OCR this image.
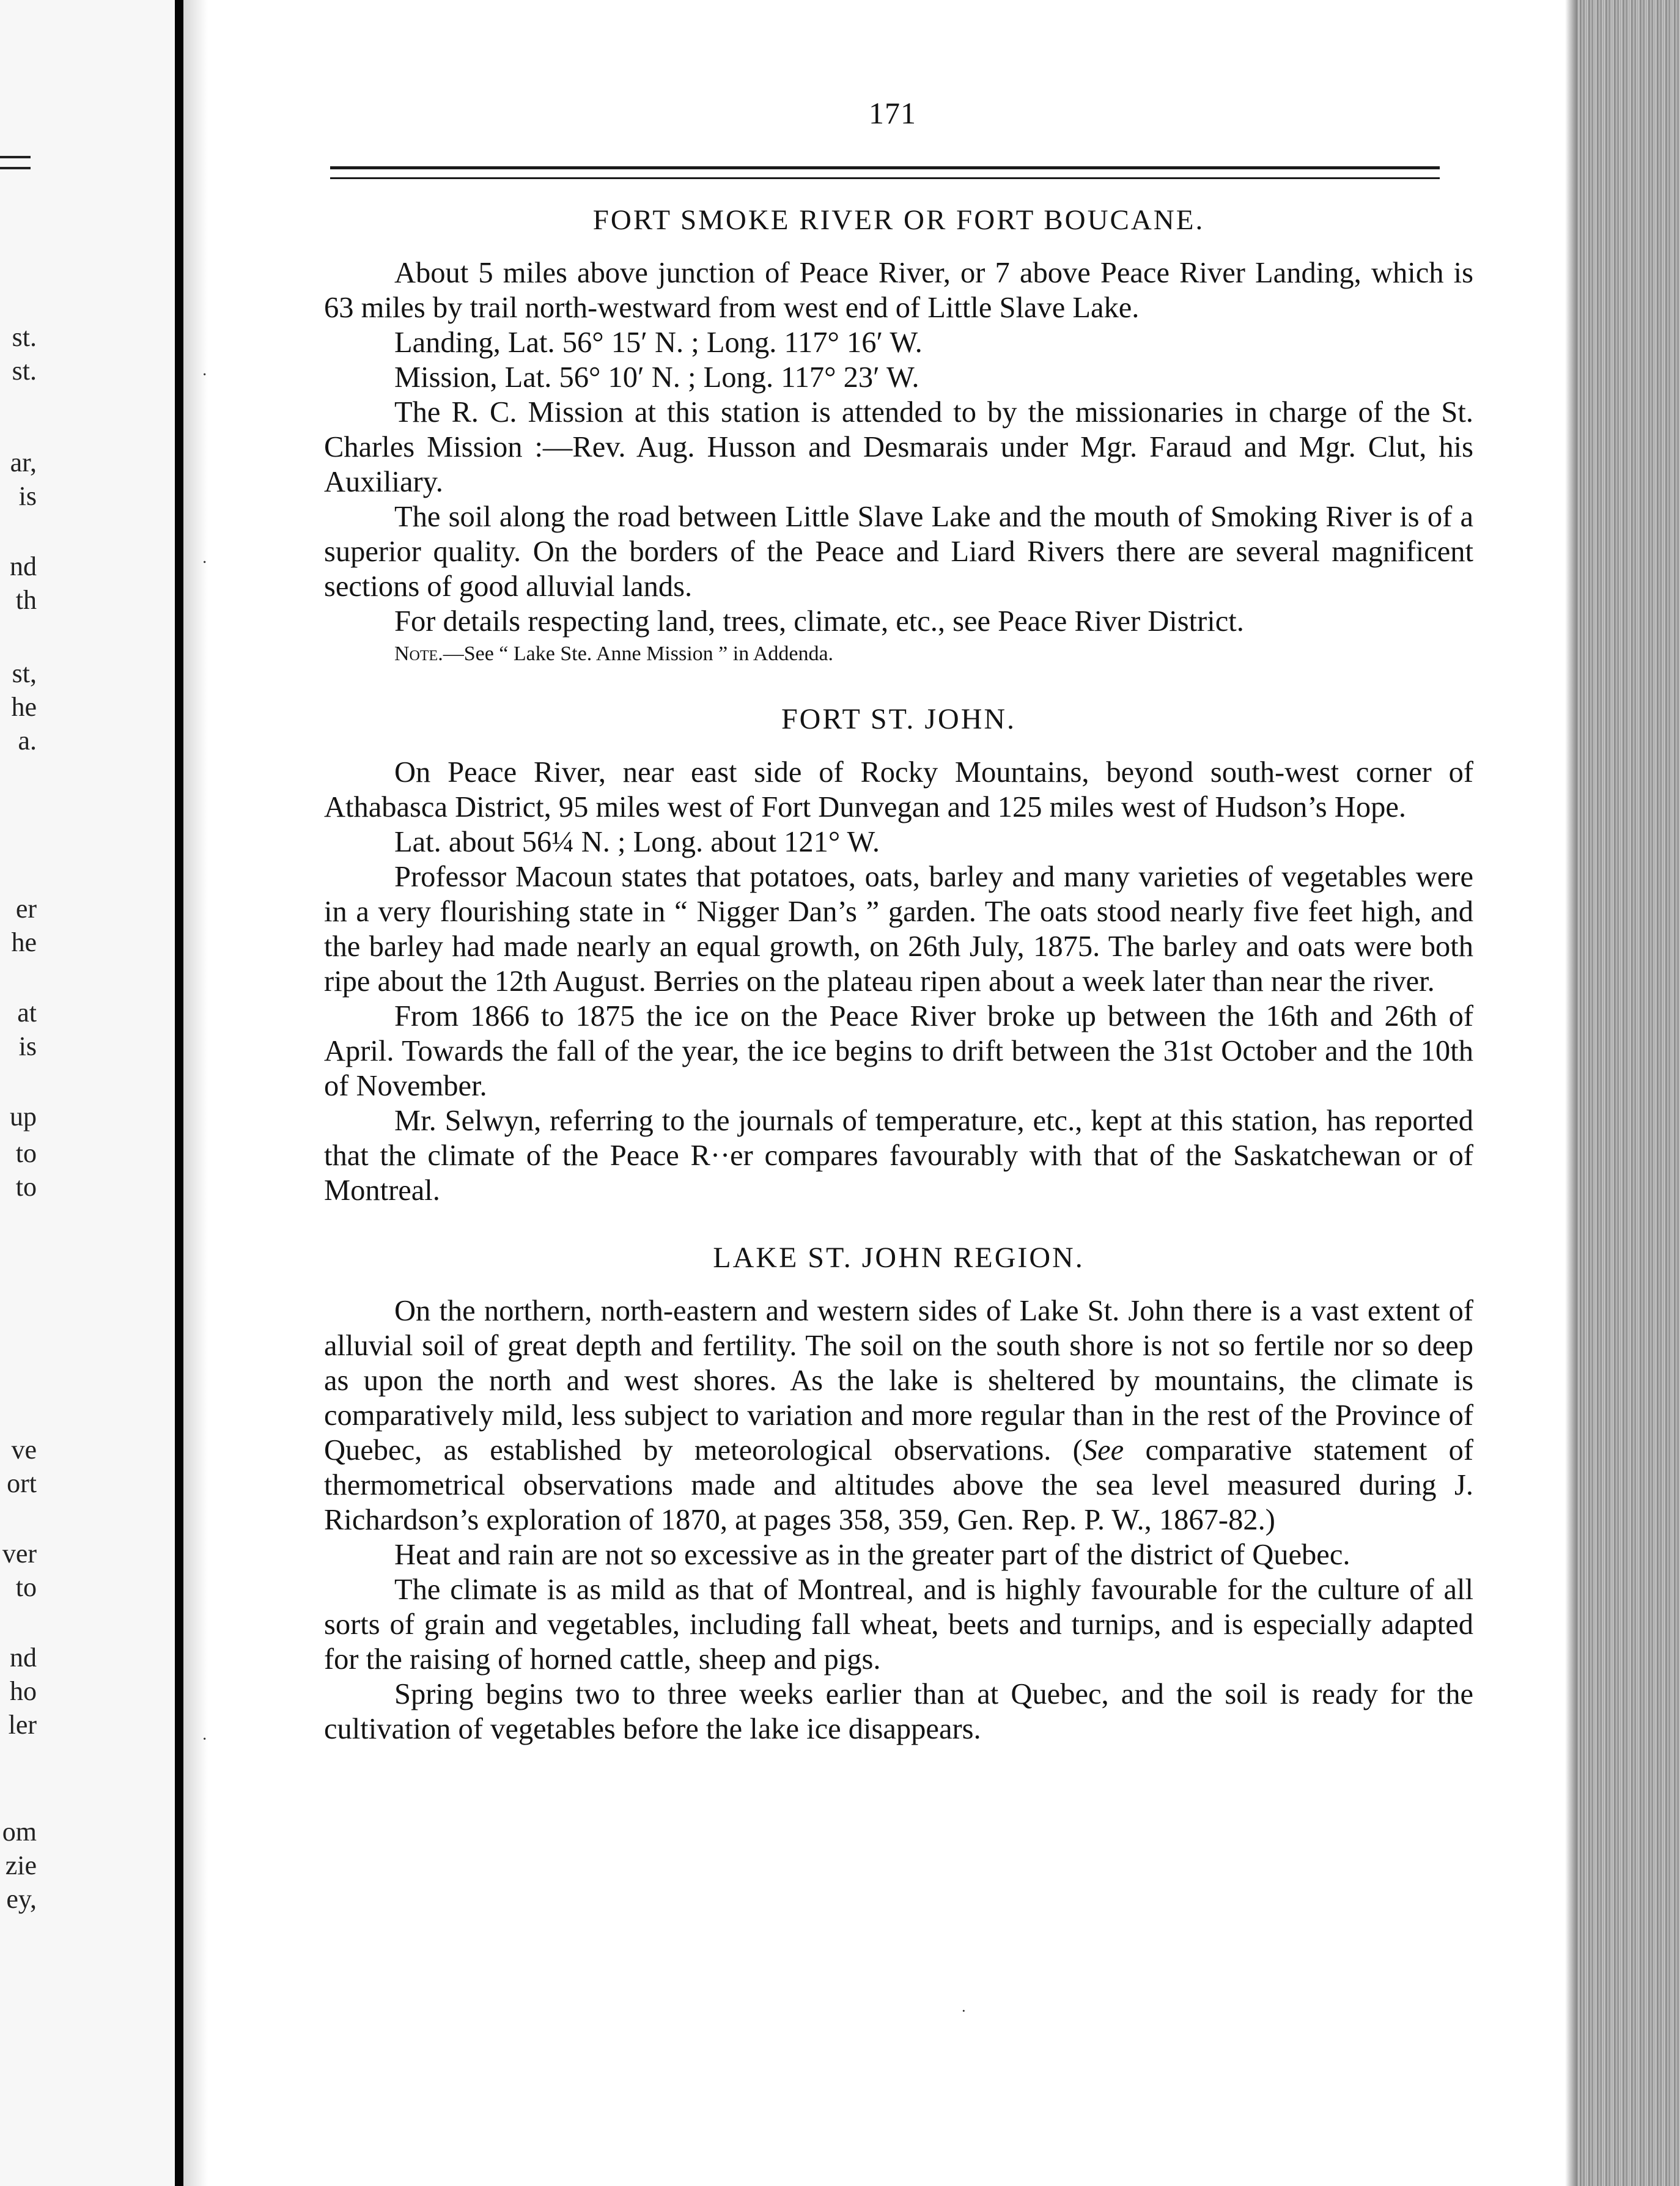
st.
st.
ar,
is
nd
th
st,
he
a.
er
he
at
is
up
to
to
ve
ort
ver
to
nd
ho
ler
om
zie
ey,
·
·
·
·
171
FORT SMOKE RIVER OR FORT BOUCANE.

About 5 miles above junction of Peace River, or 7 above Peace River Landing, which is 63 miles by trail north-westward from west end of Little Slave Lake.

Landing, Lat. 56° 15′ N. ; Long. 117° 16′ W.

Mission, Lat. 56° 10′ N. ; Long. 117° 23′ W.

The R. C. Mission at this station is attended to by the missionaries in charge of the St. Charles Mission :—Rev. Aug. Husson and Desmarais under Mgr. Faraud and Mgr. Clut, his Auxiliary.

The soil along the road between Little Slave Lake and the mouth of Smoking River is of a superior quality. On the borders of the Peace and Liard Rivers there are several magnificent sections of good alluvial lands.

For details respecting land, trees, climate, etc., see Peace River District.

Note.—See “ Lake Ste. Anne Mission ” in Addenda.

FORT ST. JOHN.

On Peace River, near east side of Rocky Mountains, beyond south-west corner of Athabasca District, 95 miles west of Fort Dunvegan and 125 miles west of Hudson’s Hope.

Lat. about 56¼ N. ; Long. about 121° W.

Professor Macoun states that potatoes, oats, barley and many varieties of vegetables were in a very flourishing state in “ Nigger Dan’s ” garden. The oats stood nearly five feet high, and the barley had made nearly an equal growth, on 26th July, 1875. The barley and oats were both ripe about the 12th August. Berries on the plateau ripen about a week later than near the river.

From 1866 to 1875 the ice on the Peace River broke up between the 16th and 26th of April. Towards the fall of the year, the ice begins to drift between the 31st October and the 10th of November.

Mr. Selwyn, referring to the journals of temperature, etc., kept at this station, has reported that the climate of the Peace R··er compares favourably with that of the Saskatchewan or of Montreal.

LAKE ST. JOHN REGION.

On the northern, north-eastern and western sides of Lake St. John there is a vast extent of alluvial soil of great depth and fertility. The soil on the south shore is not so fertile nor so deep as upon the north and west shores. As the lake is sheltered by mountains, the climate is comparatively mild, less subject to variation and more regular than in the rest of the Province of Quebec, as established by meteorological observations. (See comparative statement of thermometrical observations made and altitudes above the sea level measured during J. Richardson’s exploration of 1870, at pages 358, 359, Gen. Rep. P. W., 1867-82.)

Heat and rain are not so excessive as in the greater part of the district of Quebec.

The climate is as mild as that of Montreal, and is highly favourable for the culture of all sorts of grain and vegetables, including fall wheat, beets and turnips, and is especially adapted for the raising of horned cattle, sheep and pigs.

Spring begins two to three weeks earlier than at Quebec, and the soil is ready for the cultivation of vegetables before the lake ice disappears.
